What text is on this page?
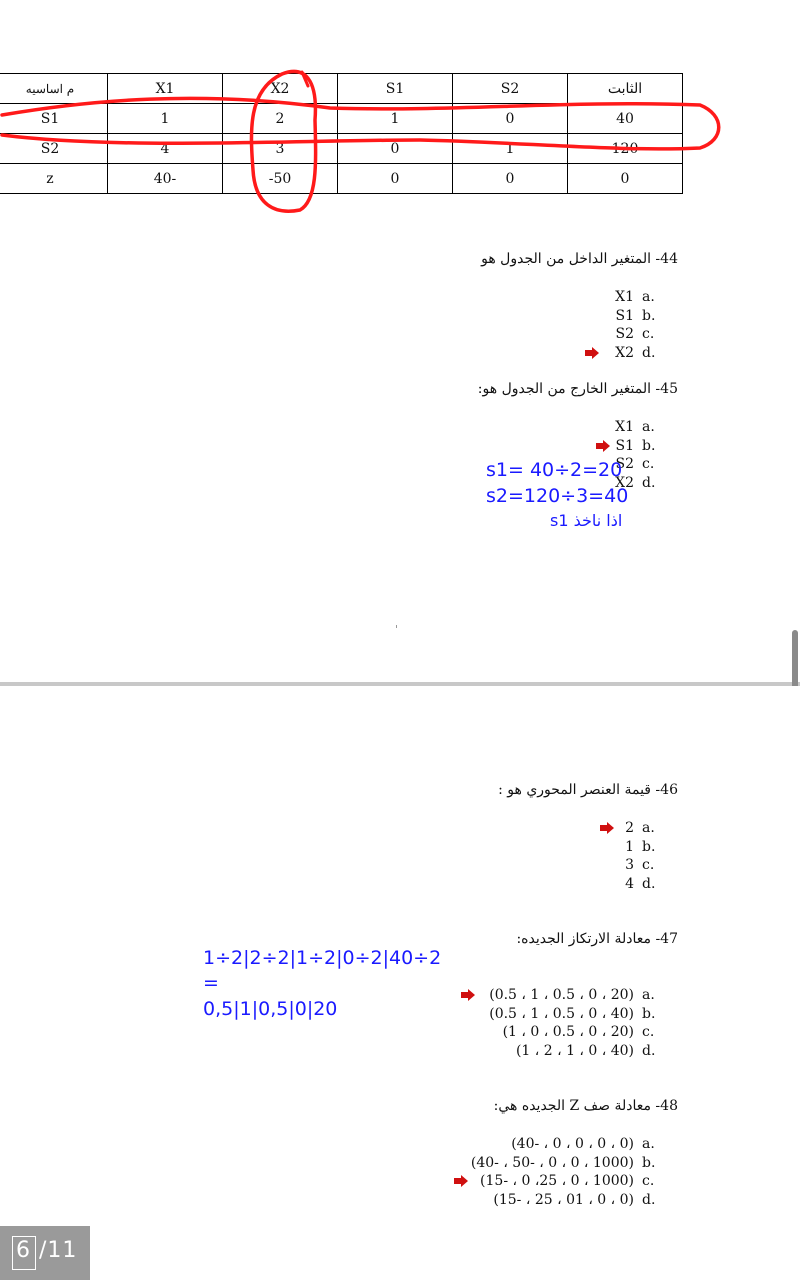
م اساسيه	X1	X2	S1	S2	الثابت
S1	1	2	1	0	40
S2	4	3	0	1	120
z	40-	-50	0	0	0
44- المتغير الداخل من الجدول هو
X1 a.
S1 b.
S2 c.
X2 d.
45- المتغير الخارج من الجدول هو:
X1 a.
S1 b.
S2 c.
X2 d.
s1= 40÷2=20
s2=120÷3=40
اذا ناخذ s1
46- قيمة العنصر المحوري هو :
2 a.
1 b.
3 c.
4 d.
47- معادلة الارتكاز الجديده:
(0.5 ، 1 ، 0.5 ، 0 ، 20) a.
(0.5 ، 1 ، 0.5 ، 0 ، 40) b.
(1 ، 0 ، 0.5 ، 0 ، 20) c.
(1 ، 2 ، 1 ، 0 ، 40) d.
1÷2|2÷2|1÷2|0÷2|40÷2
=
0,5|1|0,5|0|20
48- معادلة صف Z الجديده هي:
(40- ، 0 ، 0 ، 0 ، 0) a.
(40- ، 50- ، 0 ، 0 ، 1000) b.
(15- ، 0 ،25 ، 0 ، 1000) c.
(15- ، 25 ، 01 ، 0 ، 0) d.
6 /11
